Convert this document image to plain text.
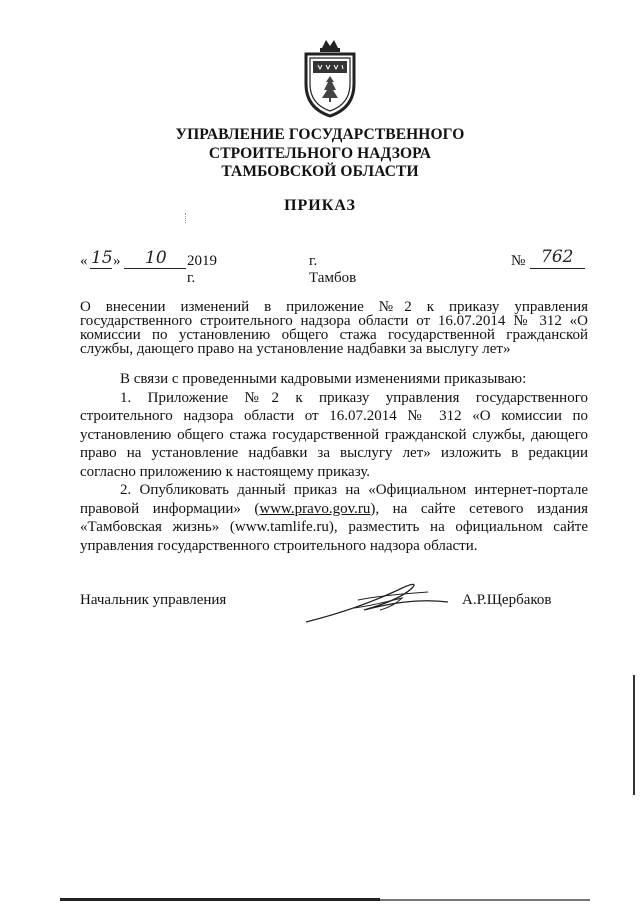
УПРАВЛЕНИЕ ГОСУДАРСТВЕННОГО
СТРОИТЕЛЬНОГО НАДЗОРА
ТАМБОВСКОЙ ОБЛАСТИ
ПРИКАЗ
« 15 » 10 2019 г.
г. Тамбов
№ 762
О внесении изменений в приложение №2 к приказу управления
государственного строительного надзора области от 16.07.2014 № 312 «О
комиссии по установлению общего стажа государственной гражданской
службы, дающего право на установление надбавки за выслугу лет»
В связи с проведенными кадровыми изменениями приказываю:
1. Приложение №2 к приказу управления государственного
строительного надзора области от 16.07.2014 № 312 «О комиссии по
установлению общего стажа государственной гражданской службы, дающего
право на установление надбавки за выслугу лет» изложить в редакции
согласно приложению к настоящему приказу.
2. Опубликовать данный приказ на «Официальном интернет-портале
правовой информации» (www.pravo.gov.ru), на сайте сетевого издания
«Тамбовская жизнь» (www.tamlife.ru), разместить на официальном сайте
управления государственного строительного надзора области.
Начальник управления	А.Р.Щербаков
